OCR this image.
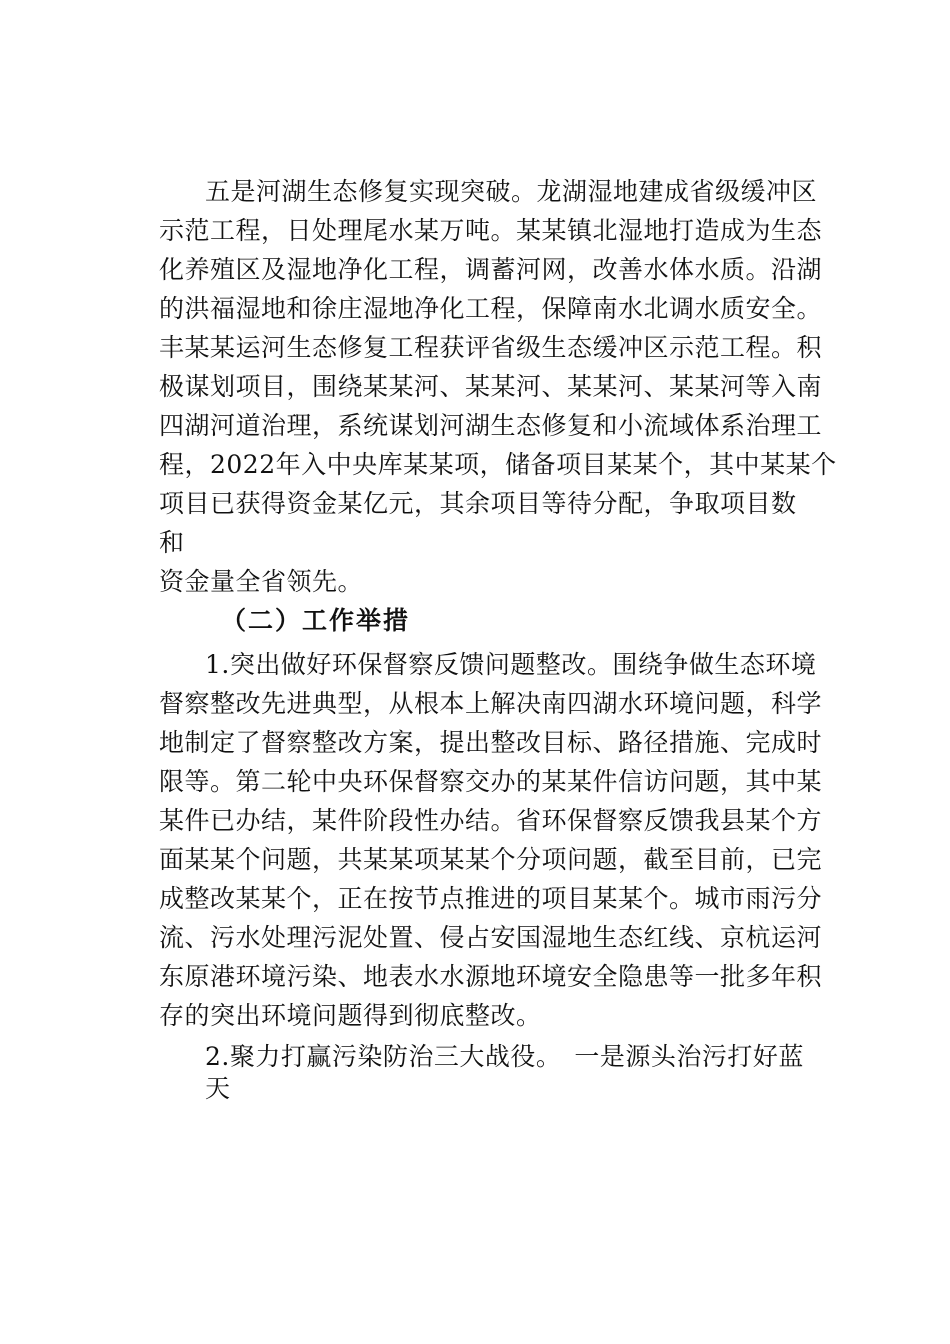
五是河湖生态修复实现突破。龙湖湿地建成省级缓冲区
示范工程，日处理尾水某万吨。某某镇北湿地打造成为生态
化养殖区及湿地净化工程，调蓄河网，改善水体水质。沿湖
的洪福湿地和徐庄湿地净化工程，保障南水北调水质安全。
丰某某运河生态修复工程获评省级生态缓冲区示范工程。积
极谋划项目，围绕某某河、某某河、某某河、某某河等入南
四湖河道治理，系统谋划河湖生态修复和小流域体系治理工
程，2022年入中央库某某项，储备项目某某个，其中某某个
项目已获得资金某亿元，其余项目等待分配，争取项目数
和
资金量全省领先。
（二）工作举措
1.突出做好环保督察反馈问题整改。围绕争做生态环境
督察整改先进典型，从根本上解决南四湖水环境问题，科学
地制定了督察整改方案，提出整改目标、路径措施、完成时
限等。第二轮中央环保督察交办的某某件信访问题，其中某
某件已办结，某件阶段性办结。省环保督察反馈我县某个方
面某某个问题，共某某项某某个分项问题，截至目前，已完
成整改某某个，正在按节点推进的项目某某个。城市雨污分
流、污水处理污泥处置、侵占安国湿地生态红线、京杭运河
东原港环境污染、地表水水源地环境安全隐患等一批多年积
存的突出环境问题得到彻底整改。
2.聚力打赢污染防治三大战役。　一是源头治污打好蓝
天
